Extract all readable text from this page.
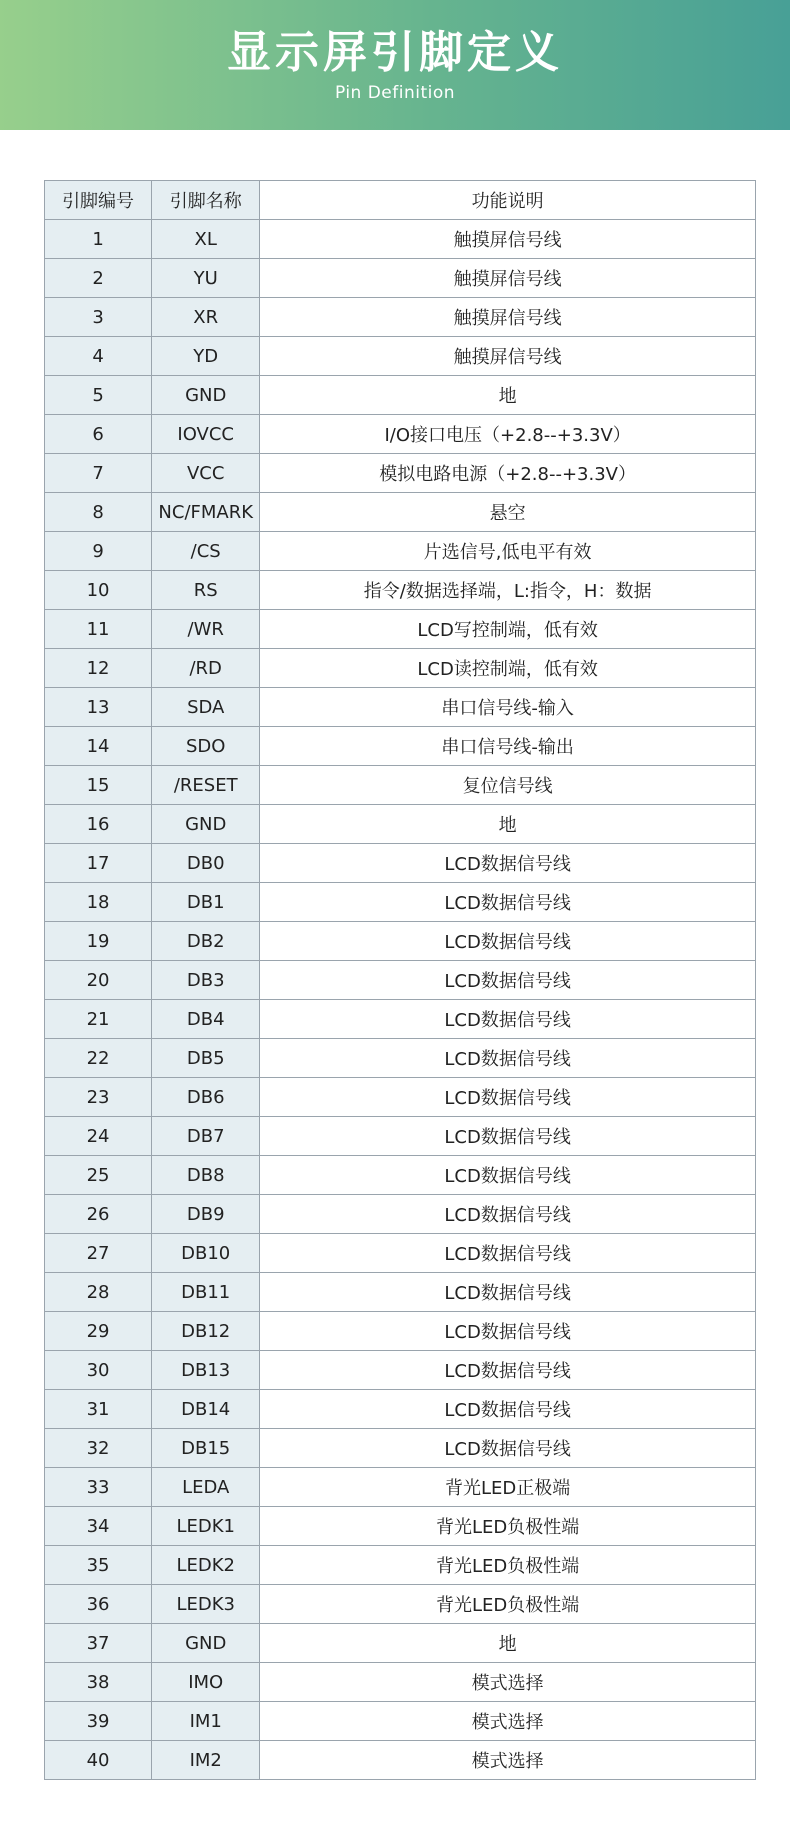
显示屏引脚定义
Pin Definition
引脚编号	引脚名称	功能说明
1	XL	触摸屏信号线
2	YU	触摸屏信号线
3	XR	触摸屏信号线
4	YD	触摸屏信号线
5	GND	地
6	IOVCC	I/O接口电压（+2.8--+3.3V）
7	VCC	模拟电路电源（+2.8--+3.3V）
8	NC/FMARK	悬空
9	/CS	片选信号,低电平有效
10	RS	指令/数据选择端，L:指令，H：数据
11	/WR	LCD写控制端，低有效
12	/RD	LCD读控制端，低有效
13	SDA	串口信号线-输入
14	SDO	串口信号线-输出
15	/RESET	复位信号线
16	GND	地
17	DB0	LCD数据信号线
18	DB1	LCD数据信号线
19	DB2	LCD数据信号线
20	DB3	LCD数据信号线
21	DB4	LCD数据信号线
22	DB5	LCD数据信号线
23	DB6	LCD数据信号线
24	DB7	LCD数据信号线
25	DB8	LCD数据信号线
26	DB9	LCD数据信号线
27	DB10	LCD数据信号线
28	DB11	LCD数据信号线
29	DB12	LCD数据信号线
30	DB13	LCD数据信号线
31	DB14	LCD数据信号线
32	DB15	LCD数据信号线
33	LEDA	背光LED正极端
34	LEDK1	背光LED负极性端
35	LEDK2	背光LED负极性端
36	LEDK3	背光LED负极性端
37	GND	地
38	IMO	模式选择
39	IM1	模式选择
40	IM2	模式选择
